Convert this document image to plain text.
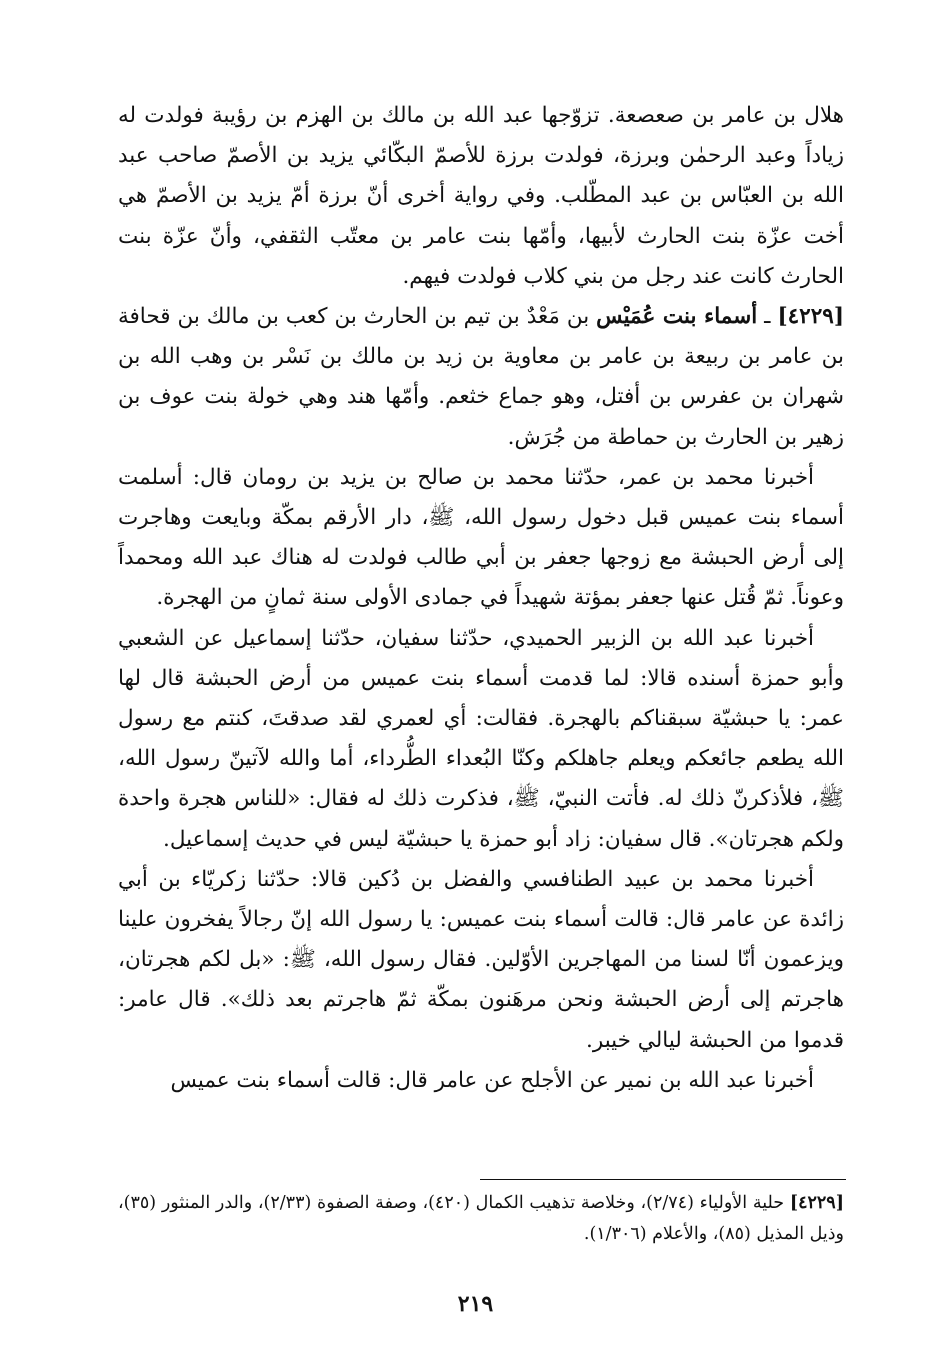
هلال بن عامر بن صعصعة. تزوّجها عبد الله بن مالك بن الهزم بن رؤيبة فولدت له زياداً وعبد الرحمٰن وبرزة، فولدت برزة للأصمّ البكّائي يزيد بن الأصمّ صاحب عبد الله بن العبّاس بن عبد المطّلب. وفي رواية أخرى أنّ برزة أمّ يزيد بن الأصمّ هي أخت عزّة بنت الحارث لأبيها، وأمّها بنت عامر بن معتّب الثقفي، وأنّ عزّة بنت الحارث كانت عند رجل من بني كلاب فولدت فيهم.

[٤٢٢٩] ـ أسماء بنت عُمَيْس بن مَعْدٌ بن تيم بن الحارث بن كعب بن مالك بن قحافة بن عامر بن ربيعة بن عامر بن معاوية بن زيد بن مالك بن نَسْر بن وهب الله بن شهران بن عفرس بن أفتل، وهو جماع خثعم. وأمّها هند وهي خولة بنت عوف بن زهير بن الحارث بن حماطة من جُرَش.

أخبرنا محمد بن عمر، حدّثنا محمد بن صالح بن يزيد بن رومان قال: أسلمت أسماء بنت عميس قبل دخول رسول الله، ﷺ، دار الأرقم بمكّة وبايعت وهاجرت إلى أرض الحبشة مع زوجها جعفر بن أبي طالب فولدت له هناك عبد الله ومحمداً وعوناً. ثمّ قُتل عنها جعفر بمؤتة شهيداً في جمادى الأولى سنة ثمانٍ من الهجرة.

أخبرنا عبد الله بن الزبير الحميدي، حدّثنا سفيان، حدّثنا إسماعيل عن الشعبي وأبو حمزة أسنده قالا: لما قدمت أسماء بنت عميس من أرض الحبشة قال لها عمر: يا حبشيّة سبقناكم بالهجرة. فقالت: أي لعمري لقد صدقتَ، كنتم مع رسول الله يطعم جائعكم ويعلم جاهلكم وكنّا البُعداء الطُّرداء، أما والله لآتينّ رسول الله، ﷺ، فلأذكرنّ ذلك له. فأتت النبيّ، ﷺ، فذكرت ذلك له فقال: «للناس هجرة واحدة ولكم هجرتان». قال سفيان: زاد أبو حمزة يا حبشيّة ليس في حديث إسماعيل.

أخبرنا محمد بن عبيد الطنافسي والفضل بن دُكين قالا: حدّثنا زكريّاء بن أبي زائدة عن عامر قال: قالت أسماء بنت عميس: يا رسول الله إنّ رجالاً يفخرون علينا ويزعمون أنّا لسنا من المهاجرين الأوّلين. فقال رسول الله، ﷺ: «بل لكم هجرتان، هاجرتم إلى أرض الحبشة ونحن مرهَنون بمكّة ثمّ هاجرتم بعد ذلك». قال عامر: قدموا من الحبشة ليالي خيبر.

أخبرنا عبد الله بن نمير عن الأجلح عن عامر قال: قالت أسماء بنت عميس

[٤٢٢٩] حلية الأولياء (٢/٧٤)، وخلاصة تذهيب الكمال (٤٢٠)، وصفة الصفوة (٢/٣٣)، والدر المنثور (٣٥)، وذيل المذيل (٨٥)، والأعلام (١/٣٠٦).
٢١٩
